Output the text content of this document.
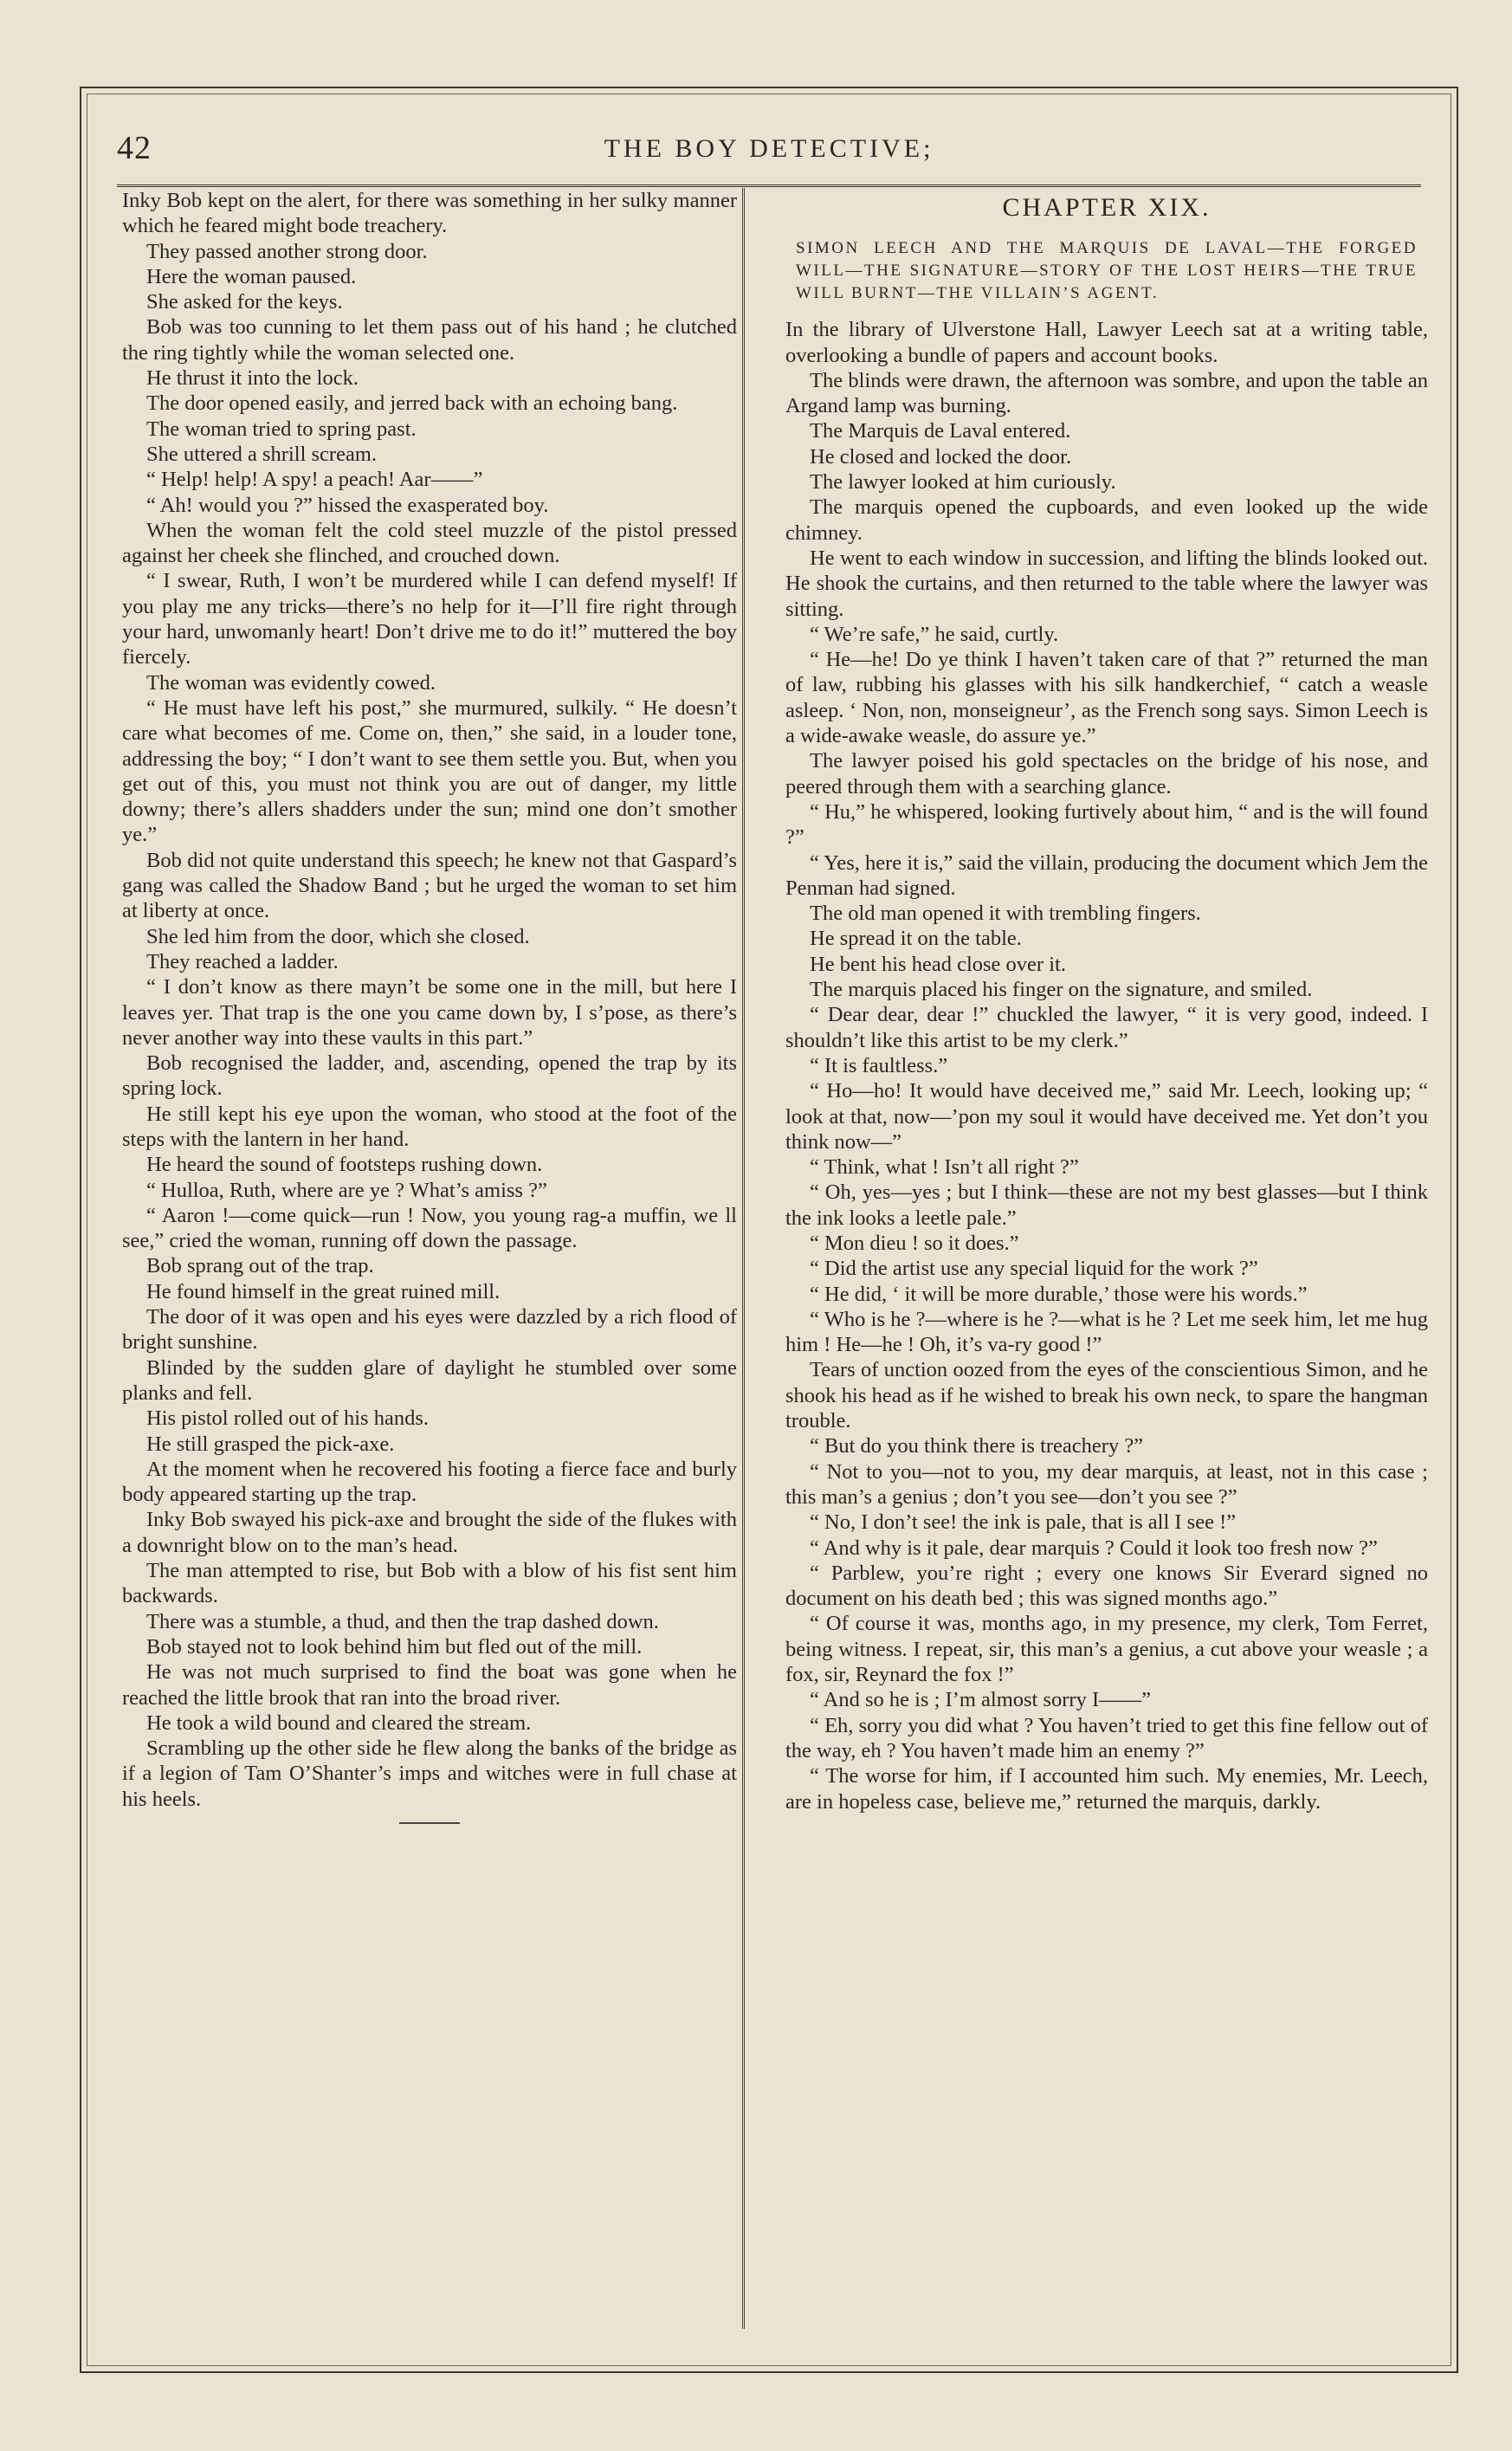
42	THE BOY DETECTIVE;

Inky Bob kept on the alert, for there was something in her sulky manner which he feared might bode treachery.

They passed another strong door.

Here the woman paused.

She asked for the keys.

Bob was too cunning to let them pass out of his hand ; he clutched the ring tightly while the woman selected one.

He thrust it into the lock.

The door opened easily, and jerred back with an echoing bang.

The woman tried to spring past.

She uttered a shrill scream.

“ Help! help! A spy! a peach! Aar——”

“ Ah! would you ?” hissed the exasperated boy.

When the woman felt the cold steel muzzle of the pistol pressed against her cheek she flinched, and crouched down.

“ I swear, Ruth, I won’t be murdered while I can defend myself! If you play me any tricks—there’s no help for it—I’ll fire right through your hard, unwomanly heart! Don’t drive me to do it!” muttered the boy fiercely.

The woman was evidently cowed.

“ He must have left his post,” she murmured, sulkily. “ He doesn’t care what becomes of me. Come on, then,” she said, in a louder tone, addressing the boy; “ I don’t want to see them settle you. But, when you get out of this, you must not think you are out of danger, my little downy; there’s allers shadders under the sun; mind one don’t smother ye.”

Bob did not quite understand this speech; he knew not that Gaspard’s gang was called the Shadow Band ; but he urged the woman to set him at liberty at once.

She led him from the door, which she closed.

They reached a ladder.

“ I don’t know as there mayn’t be some one in the mill, but here I leaves yer. That trap is the one you came down by, I s’pose, as there’s never another way into these vaults in this part.”

Bob recognised the ladder, and, ascending, opened the trap by its spring lock.

He still kept his eye upon the woman, who stood at the foot of the steps with the lantern in her hand.

He heard the sound of footsteps rushing down.

“ Hulloa, Ruth, where are ye ? What’s amiss ?”

“ Aaron !—come quick—run ! Now, you young rag-a muffin, we ll see,” cried the woman, running off down the passage.

Bob sprang out of the trap.

He found himself in the great ruined mill.

The door of it was open and his eyes were dazzled by a rich flood of bright sunshine.

Blinded by the sudden glare of daylight he stumbled over some planks and fell.

His pistol rolled out of his hands.

He still grasped the pick-axe.

At the moment when he recovered his footing a fierce face and burly body appeared starting up the trap.

Inky Bob swayed his pick-axe and brought the side of the flukes with a downright blow on to the man’s head.

The man attempted to rise, but Bob with a blow of his fist sent him backwards.

There was a stumble, a thud, and then the trap dashed down.

Bob stayed not to look behind him but fled out of the mill.

He was not much surprised to find the boat was gone when he reached the little brook that ran into the broad river.

He took a wild bound and cleared the stream.

Scrambling up the other side he flew along the banks of the bridge as if a legion of Tam O’Shanter’s imps and witches were in full chase at his heels.

CHAPTER XIX.

SIMON LEECH AND THE MARQUIS DE LAVAL—THE FORGED WILL—THE SIGNATURE—STORY OF THE LOST HEIRS—THE TRUE WILL BURNT—THE VILLAIN’S AGENT.

In the library of Ulverstone Hall, Lawyer Leech sat at a writing table, overlooking a bundle of papers and account books.

The blinds were drawn, the afternoon was sombre, and upon the table an Argand lamp was burning.

The Marquis de Laval entered.

He closed and locked the door.

The lawyer looked at him curiously.

The marquis opened the cupboards, and even looked up the wide chimney.

He went to each window in succession, and lifting the blinds looked out. He shook the curtains, and then returned to the table where the lawyer was sitting.

“ We’re safe,” he said, curtly.

“ He—he! Do ye think I haven’t taken care of that ?” returned the man of law, rubbing his glasses with his silk handkerchief, “ catch a weasle asleep. ‘ Non, non, monseigneur’, as the French song says. Simon Leech is a wide-awake weasle, do assure ye.”

The lawyer poised his gold spectacles on the bridge of his nose, and peered through them with a searching glance.

“ Hu,” he whispered, looking furtively about him, “ and is the will found ?”

“ Yes, here it is,” said the villain, producing the document which Jem the Penman had signed.

The old man opened it with trembling fingers.

He spread it on the table.

He bent his head close over it.

The marquis placed his finger on the signature, and smiled.

“ Dear dear, dear !” chuckled the lawyer, “ it is very good, indeed. I shouldn’t like this artist to be my clerk.”

“ It is faultless.”

“ Ho—ho! It would have deceived me,” said Mr. Leech, looking up; “ look at that, now—’pon my soul it would have deceived me. Yet don’t you think now—”

“ Think, what ! Isn’t all right ?”

“ Oh, yes—yes ; but I think—these are not my best glasses—but I think the ink looks a leetle pale.”

“ Mon dieu ! so it does.”

“ Did the artist use any special liquid for the work ?”

“ He did, ‘ it will be more durable,’ those were his words.”

“ Who is he ?—where is he ?—what is he ? Let me seek him, let me hug him ! He—he ! Oh, it’s va-ry good !”

Tears of unction oozed from the eyes of the conscientious Simon, and he shook his head as if he wished to break his own neck, to spare the hangman trouble.

“ But do you think there is treachery ?”

“ Not to you—not to you, my dear marquis, at least, not in this case ; this man’s a genius ; don’t you see—don’t you see ?”

“ No, I don’t see! the ink is pale, that is all I see !”

“ And why is it pale, dear marquis ? Could it look too fresh now ?”

“ Parblew, you’re right ; every one knows Sir Everard signed no document on his death bed ; this was signed months ago.”

“ Of course it was, months ago, in my presence, my clerk, Tom Ferret, being witness. I repeat, sir, this man’s a genius, a cut above your weasle ; a fox, sir, Reynard the fox !”

“ And so he is ; I’m almost sorry I——”

“ Eh, sorry you did what ? You haven’t tried to get this fine fellow out of the way, eh ? You haven’t made him an enemy ?”

“ The worse for him, if I accounted him such. My enemies, Mr. Leech, are in hopeless case, believe me,” returned the marquis, darkly.
